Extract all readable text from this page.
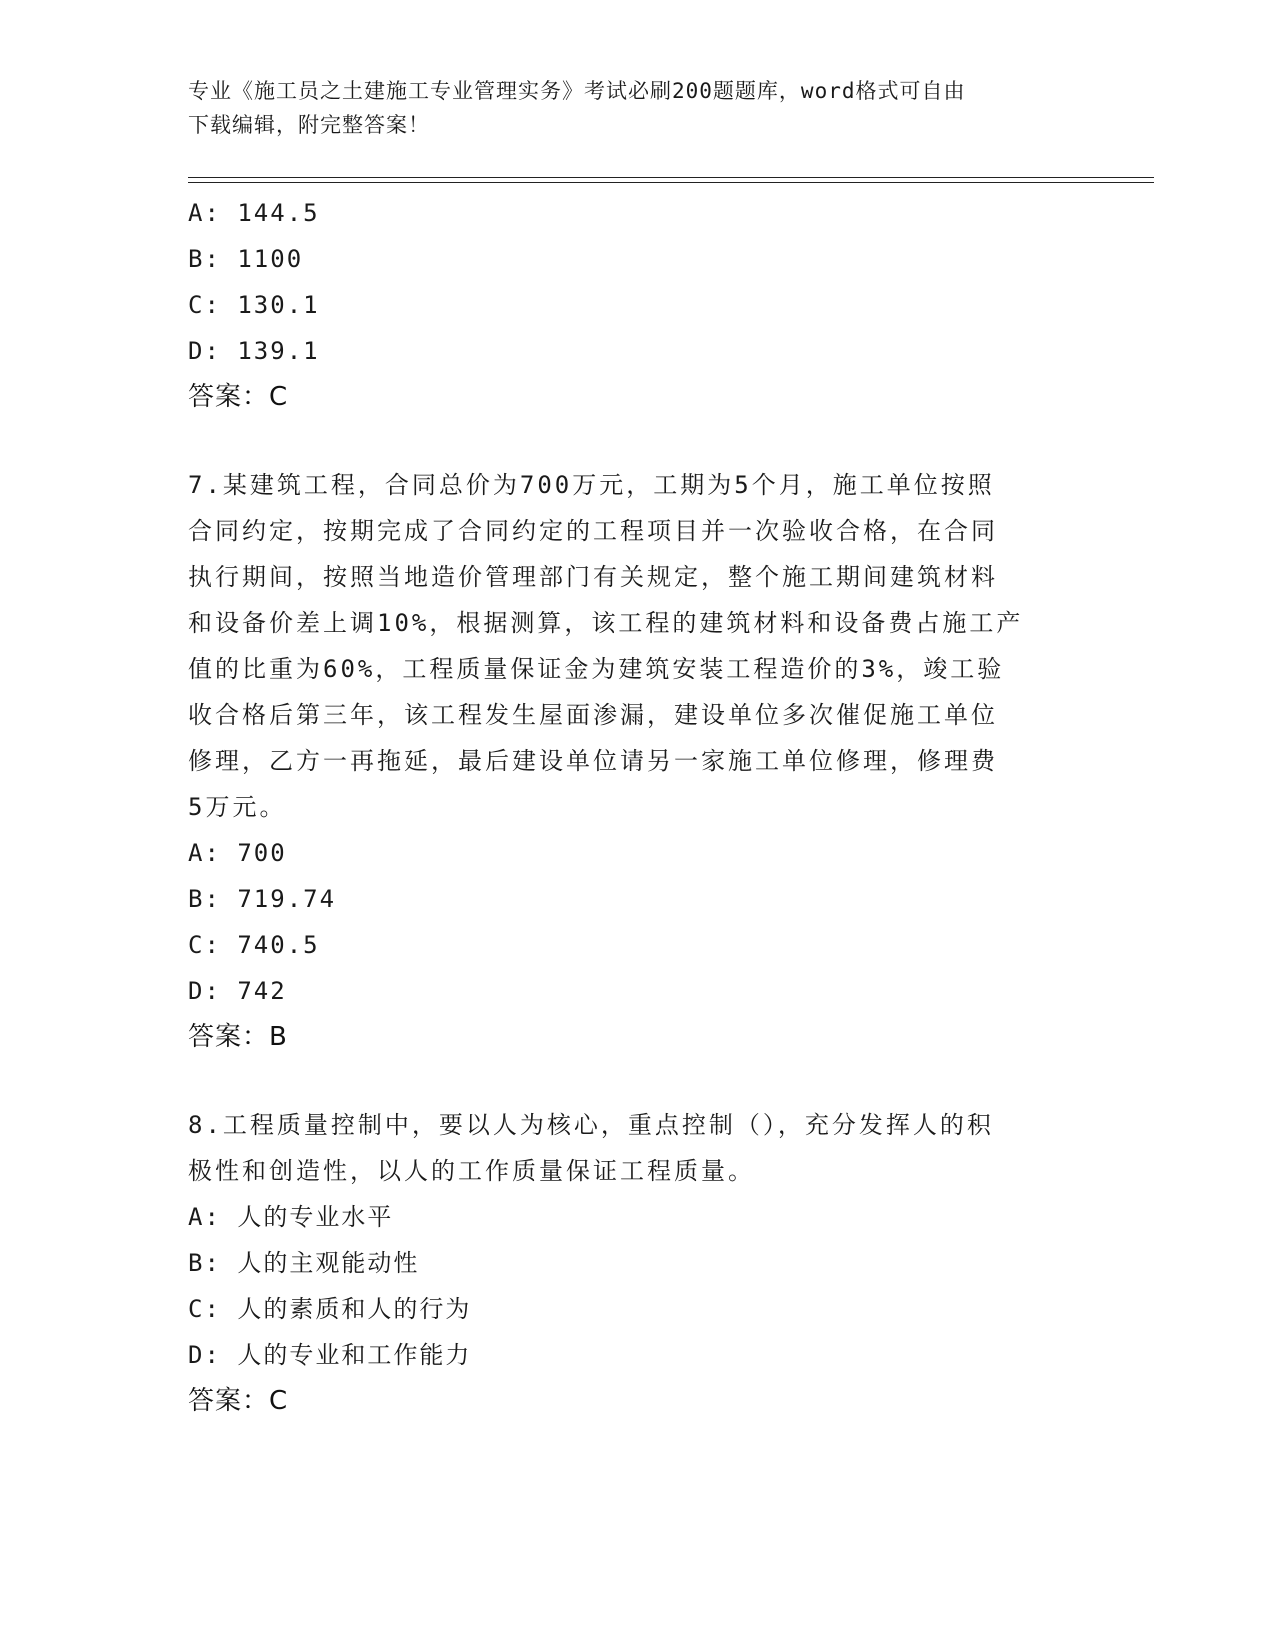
专业《施工员之土建施工专业管理实务》考试必刷200题题库，word格式可自由
下载编辑，附完整答案！
A: 144.5
B: 1100
C: 130.1
D: 139.1
答案：C
7.某建筑工程，合同总价为700万元，工期为5个月，施工单位按照
合同约定，按期完成了合同约定的工程项目并一次验收合格，在合同
执行期间，按照当地造价管理部门有关规定，整个施工期间建筑材料
和设备价差上调10%，根据测算，该工程的建筑材料和设备费占施工产
值的比重为60%，工程质量保证金为建筑安装工程造价的3%，竣工验
收合格后第三年，该工程发生屋面渗漏，建设单位多次催促施工单位
修理，乙方一再拖延，最后建设单位请另一家施工单位修理，修理费
5万元。
A: 700
B: 719.74
C: 740.5
D: 742
答案：B
8.工程质量控制中，要以人为核心，重点控制（），充分发挥人的积
极性和创造性，以人的工作质量保证工程质量。
A: 人的专业水平
B: 人的主观能动性
C: 人的素质和人的行为
D: 人的专业和工作能力
答案：C
